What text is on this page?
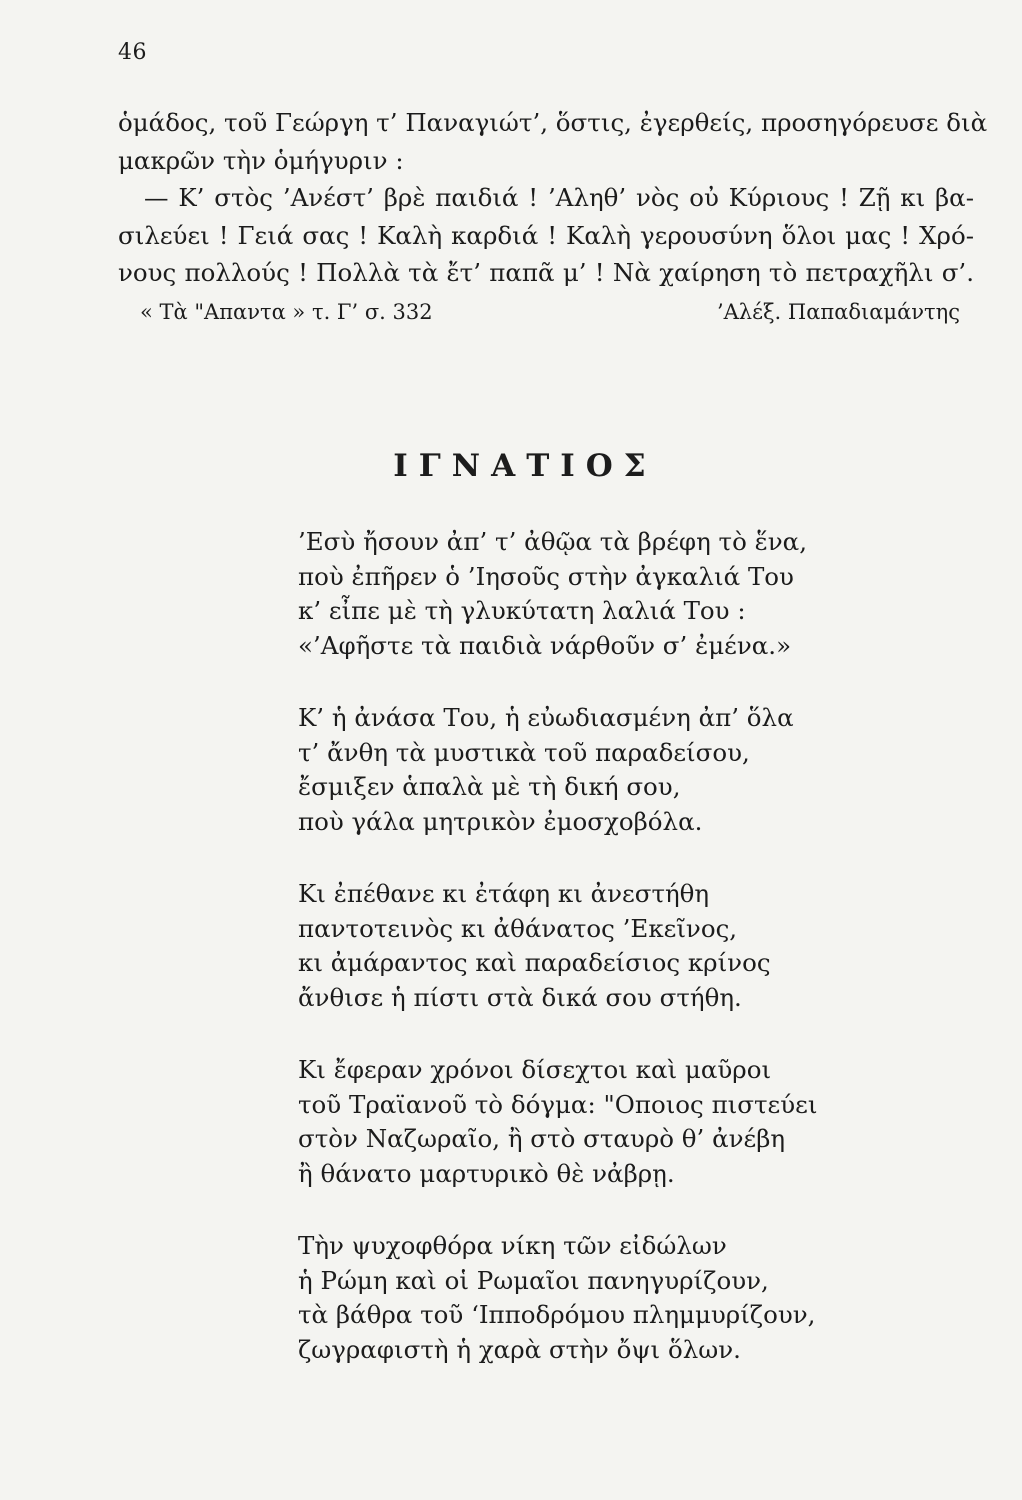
46
ὁμάδος, τοῦ Γεώργη τ’ Παναγιώτ’, ὅστις, ἐγερθείς, προσηγόρευσε διὰ
μακρῶν τὴν ὁμήγυριν :
— Κ’ στὸς ’Ανέστ’ βρὲ παιδιά ! ’Αληθ’ νὸς οὐ Κύριους ! Ζῇ κι βα-
σιλεύει ! Γειά σας ! Καλὴ καρδιά ! Καλὴ γερουσύνη ὅλοι μας ! Χρό-
νους πολλούς ! Πολλὰ τὰ ἔτ’ παπᾶ μ’ ! Νὰ χαίρηση τὸ πετραχῆλι σ’.
« Τὰ "Απαντα » τ. Γ’ σ. 332	’Αλέξ. Παπαδιαμάντης
ΙΓΝΑΤΙΟΣ
’Εσὺ ἤσουν ἀπ’ τ’ ἀθῷα τὰ βρέφη τὸ ἕνα,
ποὺ ἐπῆρεν ὁ ’Ιησοῦς στὴν ἀγκαλιά Του
κ’ εἶπε μὲ τὴ γλυκύτατη λαλιά Του :
«’Αφῆστε τὰ παιδιὰ νάρθοῦν σ’ ἐμένα.»
Κ’ ἡ ἀνάσα Του, ἡ εὐωδιασμένη ἀπ’ ὅλα
τ’ ἄνθη τὰ μυστικὰ τοῦ παραδείσου,
ἔσμιξεν ἁπαλὰ μὲ τὴ δική σου,
ποὺ γάλα μητρικὸν ἐμοσχοβόλα.
Κι ἐπέθανε κι ἐτάφη κι ἀνεστήθη
παντοτεινὸς κι ἀθάνατος ’Εκεῖνος,
κι ἀμάραντος καὶ παραδείσιος κρίνος
ἄνθισε ἡ πίστι στὰ δικά σου στήθη.
Κι ἔφεραν χρόνοι δίσεχτοι καὶ μαῦροι
τοῦ Τραϊανοῦ τὸ δόγμα: "Οποιος πιστεύει
στὸν Ναζωραῖο, ἢ στὸ σταυρὸ θ’ ἀνέβη
ἢ θάνατο μαρτυρικὸ θὲ νἀβρῃ.
Τὴν ψυχοφθόρα νίκη τῶν εἰδώλων
ἡ Ρώμη καὶ οἱ Ρωμαῖοι πανηγυρίζουν,
τὰ βάθρα τοῦ ‘Ιπποδρόμου πλημμυρίζουν,
ζωγραφιστὴ ἡ χαρὰ στὴν ὄψι ὅλων.
